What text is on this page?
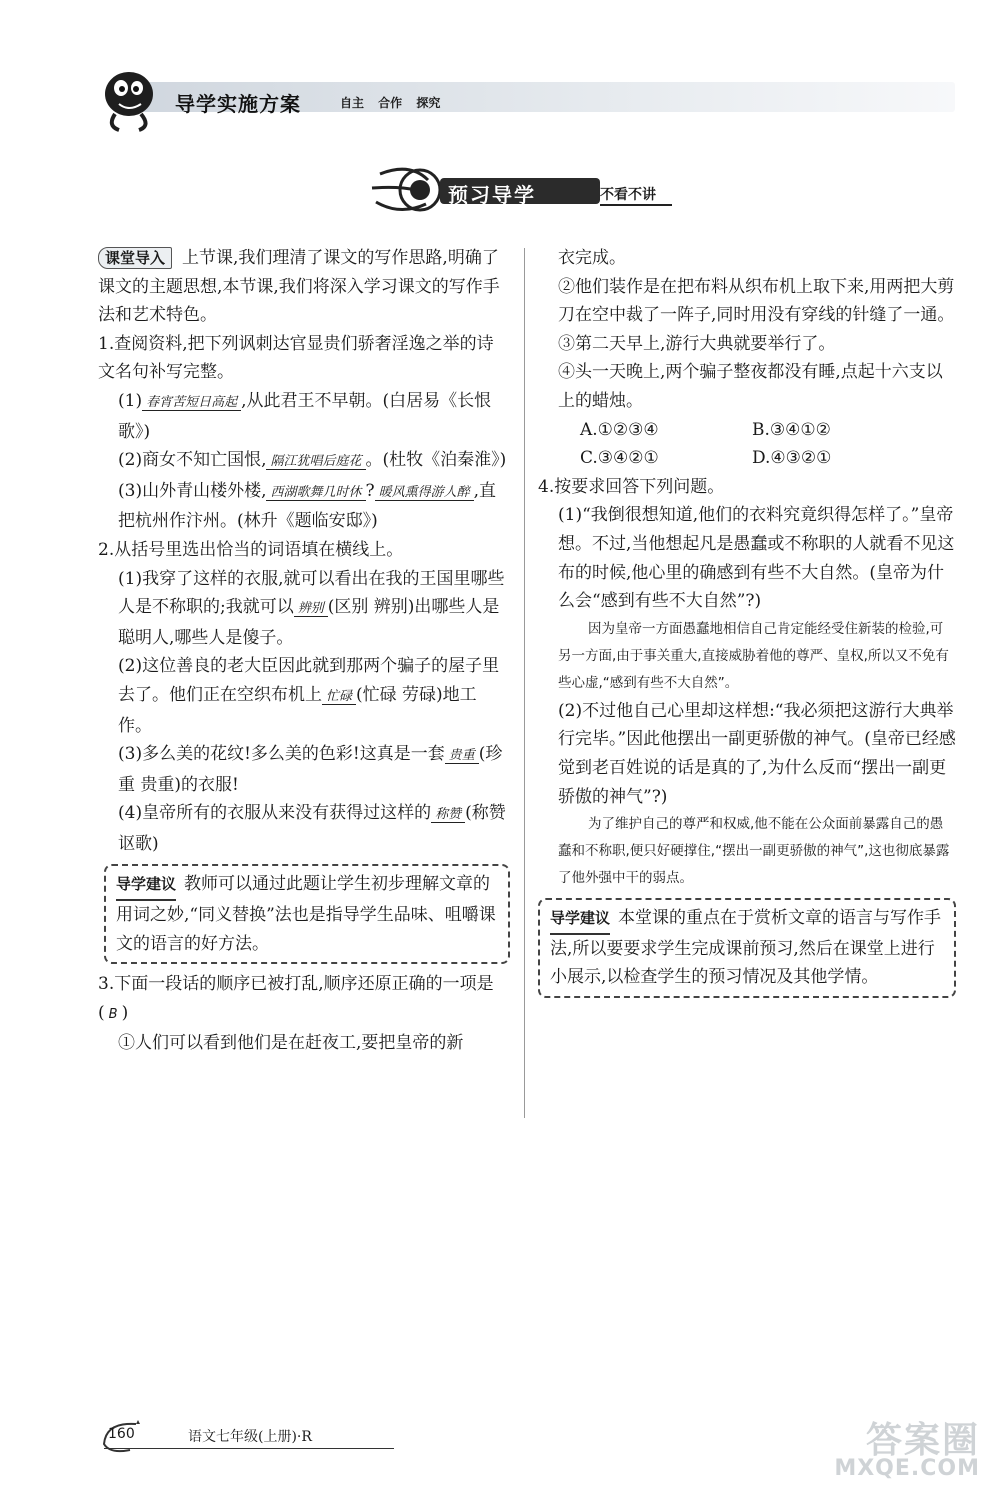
导学实施方案	自主 合作 探究
预习导学	不看不讲

课堂导入 上节课,我们理清了课文的写作思路,明确了课文的主题思想,本节课,我们将深入学习课文的写作手法和艺术特色。

1.查阅资料,把下列讽刺达官显贵们骄奢淫逸之举的诗文名句补写完整。

(1) 春宵苦短日高起 ,从此君王不早朝。(白居易《长恨歌》)

(2)商女不知亡国恨, 隔江犹唱后庭花 。(杜牧《泊秦淮》)

(3)山外青山楼外楼, 西湖歌舞几时休 ? 暖风熏得游人醉 ,直把杭州作汴州。(林升《题临安邸》)

2.从括号里选出恰当的词语填在横线上。

(1)我穿了这样的衣服,就可以看出在我的王国里哪些人是不称职的;我就可以 辨别 (区别 辨别)出哪些人是聪明人,哪些人是傻子。

(2)这位善良的老大臣因此就到那两个骗子的屋子里去了。他们正在空织布机上 忙碌 (忙碌 劳碌)地工作。

(3)多么美的花纹!多么美的色彩!这真是一套 贵重 (珍重 贵重)的衣服!

(4)皇帝所有的衣服从来没有获得过这样的 称赞 (称赞 讴歌)

导学建议 教师可以通过此题让学生初步理解文章的用词之妙,“同义替换”法也是指导学生品味、咀嚼课文的语言的好方法。

3.下面一段话的顺序已被打乱,顺序还原正确的一项是( B )

①人们可以看到他们是在赶夜工,要把皇帝的新

衣完成。

②他们装作是在把布料从织布机上取下来,用两把大剪刀在空中裁了一阵子,同时用没有穿线的针缝了一通。

③第二天早上,游行大典就要举行了。

④头一天晚上,两个骗子整夜都没有睡,点起十六支以上的蜡烛。

A.①②③④	B.③④①②
C.③④②①	D.④③②①

4.按要求回答下列问题。

(1)“我倒很想知道,他们的衣料究竟织得怎样了。”皇帝想。不过,当他想起凡是愚蠢或不称职的人就看不见这布的时候,他心里的确感到有些不大自然。(皇帝为什么会“感到有些不大自然”?)

因为皇帝一方面愚蠢地相信自己肯定能经受住新装的检验,可另一方面,由于事关重大,直接威胁着他的尊严、皇权,所以又不免有些心虚,“感到有些不大自然”。

(2)不过他自己心里却这样想:“我必须把这游行大典举行完毕。”因此他摆出一副更骄傲的神气。(皇帝已经感觉到老百姓说的话是真的了,为什么反而“摆出一副更骄傲的神气”?)

为了维护自己的尊严和权威,他不能在公众面前暴露自己的愚蠢和不称职,便只好硬撑住,“摆出一副更骄傲的神气”,这也彻底暴露了他外强中干的弱点。

导学建议 本堂课的重点在于赏析文章的语言与写作手法,所以要要求学生完成课前预习,然后在课堂上进行小展示,以检查学生的预习情况及其他学情。
160	语文七年级(上册)·R	答案圈
MXQE.COM
